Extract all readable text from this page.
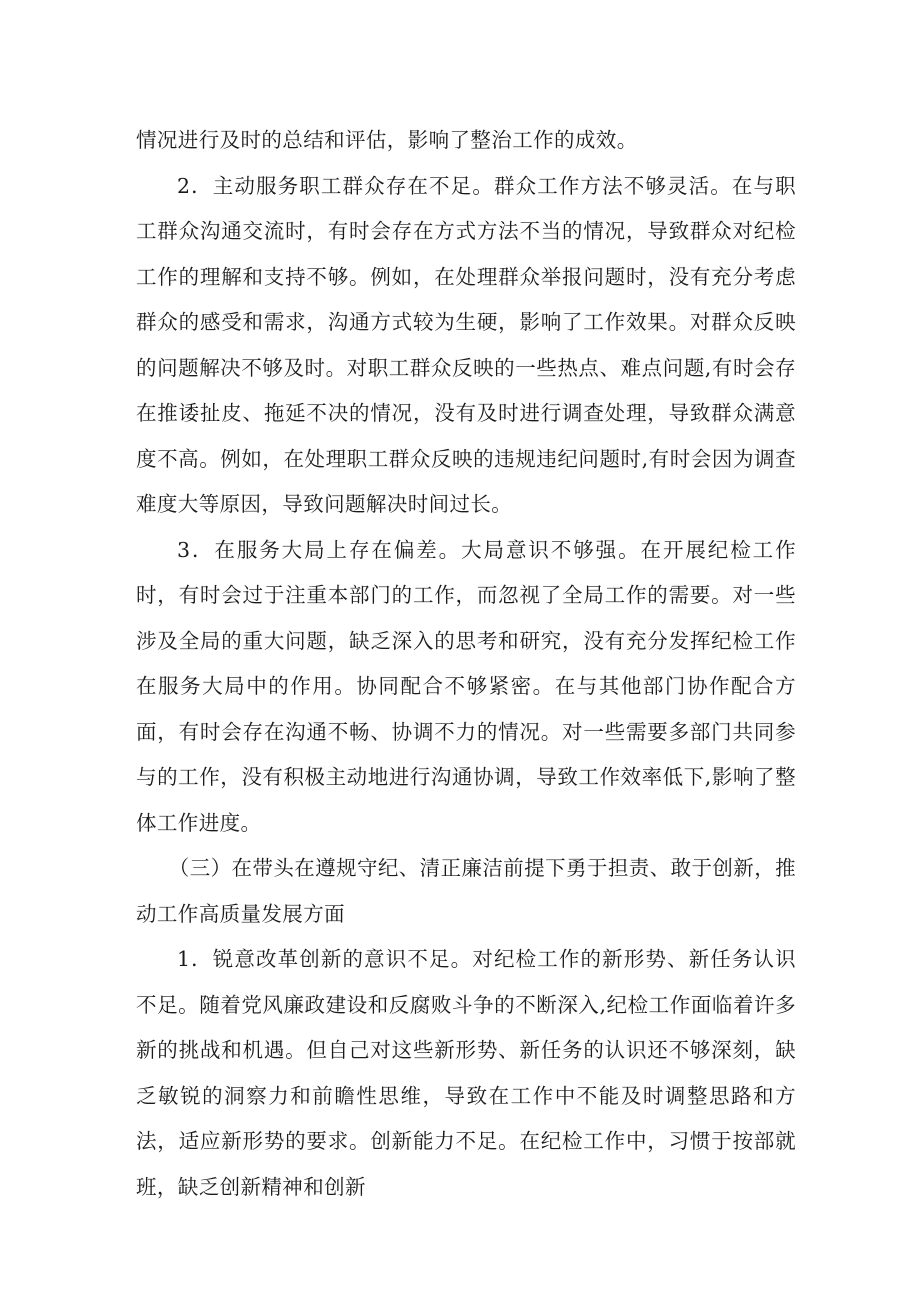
情况进行及时的总结和评估，影响了整治工作的成效。

2．主动服务职工群众存在不足。群众工作方法不够灵活。在与职工群众沟通交流时，有时会存在方式方法不当的情况，导致群众对纪检工作的理解和支持不够。例如，在处理群众举报问题时，没有充分考虑群众的感受和需求，沟通方式较为生硬，影响了工作效果。对群众反映的问题解决不够及时。对职工群众反映的一些热点、难点问题,有时会存在推诿扯皮、拖延不决的情况，没有及时进行调查处理，导致群众满意度不高。例如，在处理职工群众反映的违规违纪问题时,有时会因为调查难度大等原因，导致问题解决时间过长。

3．在服务大局上存在偏差。大局意识不够强。在开展纪检工作时，有时会过于注重本部门的工作，而忽视了全局工作的需要。对一些涉及全局的重大问题，缺乏深入的思考和研究，没有充分发挥纪检工作在服务大局中的作用。协同配合不够紧密。在与其他部门协作配合方面，有时会存在沟通不畅、协调不力的情况。对一些需要多部门共同参与的工作，没有积极主动地进行沟通协调，导致工作效率低下,影响了整体工作进度。

（三）在带头在遵规守纪、清正廉洁前提下勇于担责、敢于创新，推动工作高质量发展方面

1．锐意改革创新的意识不足。对纪检工作的新形势、新任务认识不足。随着党风廉政建设和反腐败斗争的不断深入,纪检工作面临着许多新的挑战和机遇。但自己对这些新形势、新任务的认识还不够深刻，缺乏敏锐的洞察力和前瞻性思维，导致在工作中不能及时调整思路和方法，适应新形势的要求。创新能力不足。在纪检工作中，习惯于按部就班，缺乏创新精神和创新
